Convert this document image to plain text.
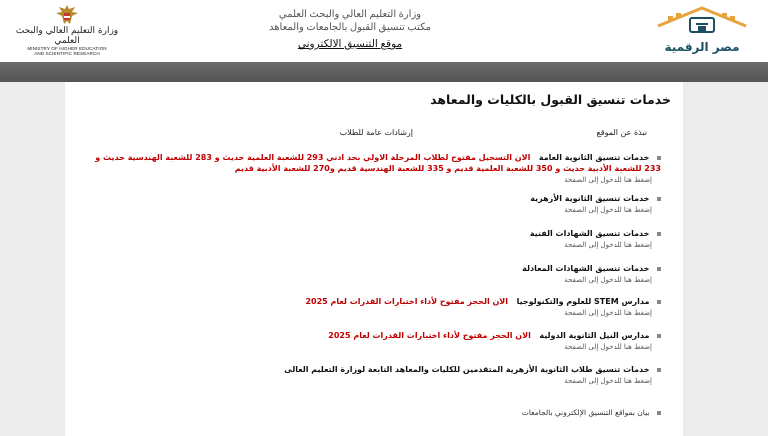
وزارة التعليم العالي والبحث العلمي
MINISTRY OF HIGHER EDUCATION
AND SCIENTIFIC RESEARCH
وزارة التعليم العالي والبحث العلمي
مكتب تنسيق القبول بالجامعات والمعاهد
موقع التنسيق الالكتروني	مصر الرقمية
خدمات تنسيق القبول بالكليات والمعاهد
نبذة عن الموقع
إرشادات عامة للطلاب
خدمات تنسيق الثانوية العامة الان التسجيل مفتوح لطلاب المرحلة الاولي بحد ادني 293 للشعبة العلمية حديث و 283 للشعبة الهندسية حديث و 233 للشعبة الأدبية حديث و 350 للشعبة العلمية قديم و 335 للشعبة الهندسية قديم و270 للشعبة الأدبية قديم
إضغط هنا للدخول إلى الصفحة
خدمات تنسيق الثانوية الأزهرية
إضغط هنا للدخول إلى الصفحة
خدمات تنسيق الشهادات الفنية
إضغط هنا للدخول إلى الصفحة
خدمات تنسيق الشهادات المعادلة
إضغط هنا للدخول إلى الصفحة
مدارس STEM للعلوم والتكنولوجيا الان الحجز مفتوح لأداء اختبارات القدرات لعام 2025
إضغط هنا للدخول إلى الصفحة
مدارس النيل الثانوية الدولية الان الحجز مفتوح لأداء اختبارات القدرات لعام 2025
إضغط هنا للدخول إلى الصفحة
خدمات تنسيق طلاب الثانوية الأزهرية المتقدمين للكليات والمعاهد التابعة لوزارة التعليم العالى
إضغط هنا للدخول إلى الصفحة
بيان بمواقع التنسيق الإلكتروني بالجامعات
